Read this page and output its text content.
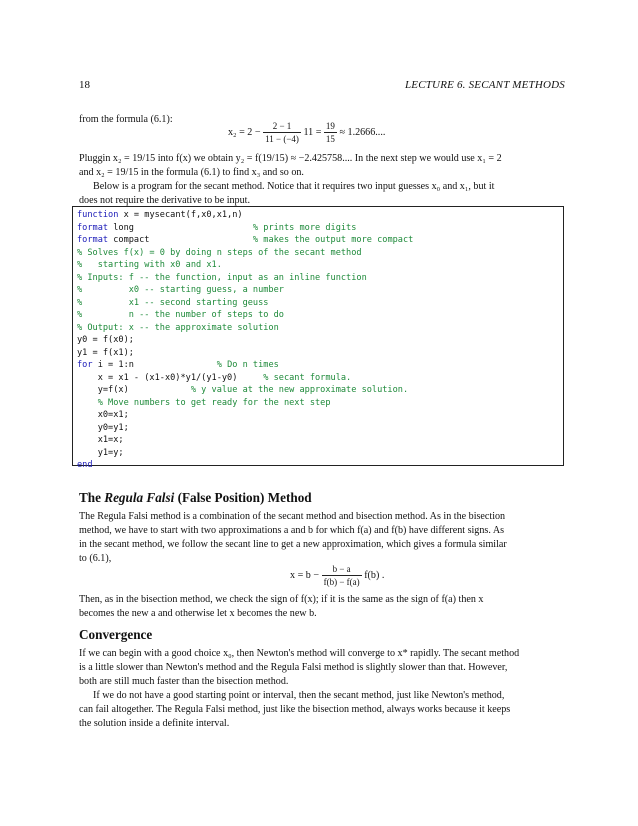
18	LECTURE 6. SECANT METHODS

from the formula (6.1):

$x_2 = 2 - \frac{2 - 1}{11 - (-4)} 11 = \frac{19}{15} \approx 1.2666$....

Pluggin x₂ = 19/15 into f(x) we obtain y₂ = f(19/15) ≈ −2.425758.... In the next step we would use x₁ = 2

and x₂ = 19/15 in the formula (6.1) to find x₃ and so on.

Below is a program for the secant method. Notice that it requires two input guesses x₀ and x₁, but it

does not require the derivative to be input.

function x = mysecant(f,x0,x1,n)
format long                       % prints more digits
format compact                    % makes the output more compact
% Solves f(x) = 0 by doing n steps of the secant method
%   starting with x0 and x1.
% Inputs: f -- the function, input as an inline function
%         x0 -- starting guess, a number
%         x1 -- second starting geuss
%         n -- the number of steps to do
% Output: x -- the approximate solution
y0 = f(x0);
y1 = f(x1);
for i = 1:n                % Do n times
x = x1 - (x1-x0)*y1/(y1-y0)     % secant formula.
y=f(x)            % y value at the new approximate solution.
% Move numbers to get ready for the next step
x0=x1;
y0=y1;
x1=x;
y1=y;
end
The Regula Falsi (False Position) Method

The Regula Falsi method is a combination of the secant method and bisection method. As in the bisection

method, we have to start with two approximations a and b for which f(a) and f(b) have different signs. As

in the secant method, we follow the secant line to get a new approximation, which gives a formula similar

to (6.1),

$x = b - \frac{b - a}{f(b) - f(a)} f(b)$ .

Then, as in the bisection method, we check the sign of f(x); if it is the same as the sign of f(a) then x

becomes the new a and otherwise let x becomes the new b.

Convergence

If we can begin with a good choice x₀, then Newton's method will converge to x* rapidly. The secant method

is a little slower than Newton's method and the Regula Falsi method is slightly slower than that. However,

both are still much faster than the bisection method.

If we do not have a good starting point or interval, then the secant method, just like Newton's method,

can fail altogether. The Regula Falsi method, just like the bisection method, always works because it keeps

the solution inside a definite interval.
